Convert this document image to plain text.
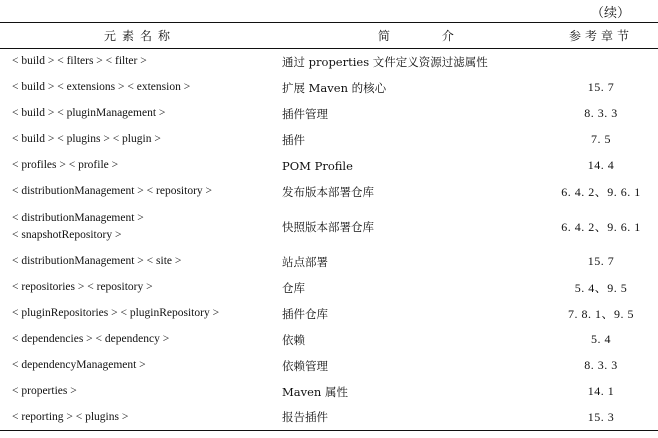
（续）
元素名称	简 介	参考章节

< build > < filters > < filter >	通过 properties 文件定义资源过滤属性	

< build > < extensions > < extension >	扩展 Maven 的核心	15. 7

< build > < pluginManagement >	插件管理	8. 3. 3

< build > < plugins > < plugin >	插件	7. 5

< profiles > < profile >	POM Profile	14. 4

< distributionManagement > < repository >	发布版本部署仓库	6. 4. 2、9. 6. 1

< distributionManagement >
< snapshotRepository >	快照版本部署仓库	6. 4. 2、9. 6. 1

< distributionManagement > < site >	站点部署	15. 7

< repositories > < repository >	仓库	5. 4、9. 5

< pluginRepositories > < pluginRepository >	插件仓库	7. 8. 1、9. 5

< dependencies > < dependency >	依赖	5. 4

< dependencyManagement >	依赖管理	8. 3. 3

< properties >	Maven 属性	14. 1

< reporting > < plugins >	报告插件	15. 3
